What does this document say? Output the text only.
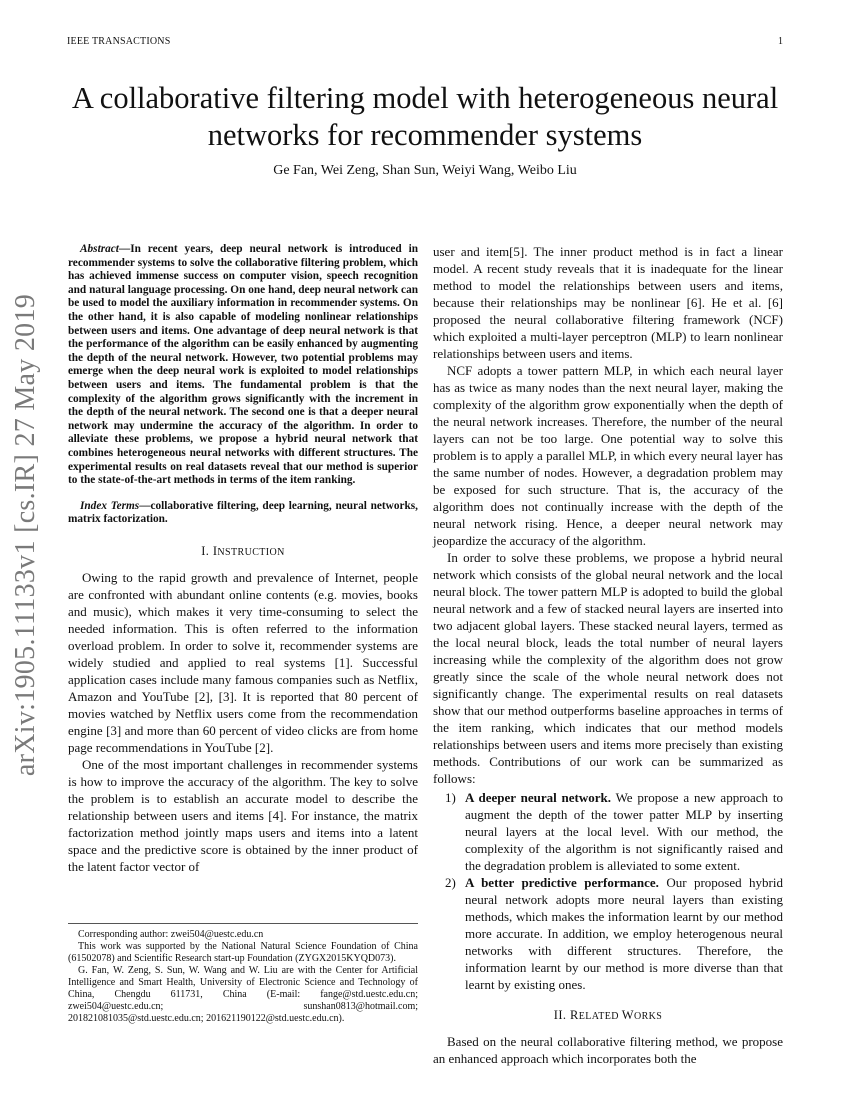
IEEE TRANSACTIONS	1
arXiv:1905.11133v1 [cs.IR] 27 May 2019
A collaborative filtering model with heterogeneous neural networks for recommender systems
Ge Fan, Wei Zeng, Shan Sun, Weiyi Wang, Weibo Liu

Abstract—In recent years, deep neural network is introduced in recommender systems to solve the collaborative filtering problem, which has achieved immense success on computer vision, speech recognition and natural language processing. On one hand, deep neural network can be used to model the auxiliary information in recommender systems. On the other hand, it is also capable of modeling nonlinear relationships between users and items. One advantage of deep neural network is that the performance of the algorithm can be easily enhanced by augmenting the depth of the neural network. However, two potential problems may emerge when the deep neural work is exploited to model relationships between users and items. The fundamental problem is that the complexity of the algorithm grows significantly with the increment in the depth of the neural network. The second one is that a deeper neural network may undermine the accuracy of the algorithm. In order to alleviate these problems, we propose a hybrid neural network that combines heterogeneous neural networks with different structures. The experimental results on real datasets reveal that our method is superior to the state-of-the-art methods in terms of the item ranking.

Index Terms—collaborative filtering, deep learning, neural networks, matrix factorization.

I. INSTRUCTION

Owing to the rapid growth and prevalence of Internet, people are confronted with abundant online contents (e.g. movies, books and music), which makes it very time-consuming to select the needed information. This is often referred to the information overload problem. In order to solve it, recommender systems are widely studied and applied to real systems [1]. Successful application cases include many famous companies such as Netflix, Amazon and YouTube [2], [3]. It is reported that 80 percent of movies watched by Netflix users come from the recommendation engine [3] and more than 60 percent of video clicks are from home page recommendations in YouTube [2].

One of the most important challenges in recommender systems is how to improve the accuracy of the algorithm. The key to solve the problem is to establish an accurate model to describe the relationship between users and items [4]. For instance, the matrix factorization method jointly maps users and items into a latent space and the predictive score is obtained by the inner product of the latent factor vector of

Corresponding author: zwei504@uestc.edu.cn

This work was supported by the National Natural Science Foundation of China (61502078) and Scientific Research start-up Foundation (ZYGX2015KYQD073).

G. Fan, W. Zeng, S. Sun, W. Wang and W. Liu are with the Center for Artificial Intelligence and Smart Health, University of Electronic Science and Technology of China, Chengdu 611731, China (E-mail: fange@std.uestc.edu.cn; zwei504@uestc.edu.cn; sunshan0813@hotmail.com; 201821081035@std.uestc.edu.cn; 201621190122@std.uestc.edu.cn).

user and item[5]. The inner product method is in fact a linear model. A recent study reveals that it is inadequate for the linear method to model the relationships between users and items, because their relationships may be nonlinear [6]. He et al. [6] proposed the neural collaborative filtering framework (NCF) which exploited a multi-layer perceptron (MLP) to learn nonlinear relationships between users and items.

NCF adopts a tower pattern MLP, in which each neural layer has as twice as many nodes than the next neural layer, making the complexity of the algorithm grow exponentially when the depth of the neural network increases. Therefore, the number of the neural layers can not be too large. One potential way to solve this problem is to apply a parallel MLP, in which every neural layer has the same number of nodes. However, a degradation problem may be exposed for such structure. That is, the accuracy of the algorithm does not continually increase with the depth of the neural network rising. Hence, a deeper neural network may jeopardize the accuracy of the algorithm.

In order to solve these problems, we propose a hybrid neural network which consists of the global neural network and the local neural block. The tower pattern MLP is adopted to build the global neural network and a few of stacked neural layers are inserted into two adjacent global layers. These stacked neural layers, termed as the local neural block, leads the total number of neural layers increasing while the complexity of the algorithm does not grow greatly since the scale of the whole neural network does not significantly change. The experimental results on real datasets show that our method outperforms baseline approaches in terms of the item ranking, which indicates that our method models relationships between users and items more precisely than existing methods. Contributions of our work can be summarized as follows:

1) A deeper neural network. We propose a new approach to augment the depth of the tower patter MLP by inserting neural layers at the local level. With our method, the complexity of the algorithm is not significantly raised and the degradation problem is alleviated to some extent.
2) A better predictive performance. Our proposed hybrid neural network adopts more neural layers than existing methods, which makes the information learnt by our method more accurate. In addition, we employ heterogenous neural networks with different structures. Therefore, the information learnt by our method is more diverse than that learnt by existing ones.
II. RELATED WORKS

Based on the neural collaborative filtering method, we propose an enhanced approach which incorporates both the
